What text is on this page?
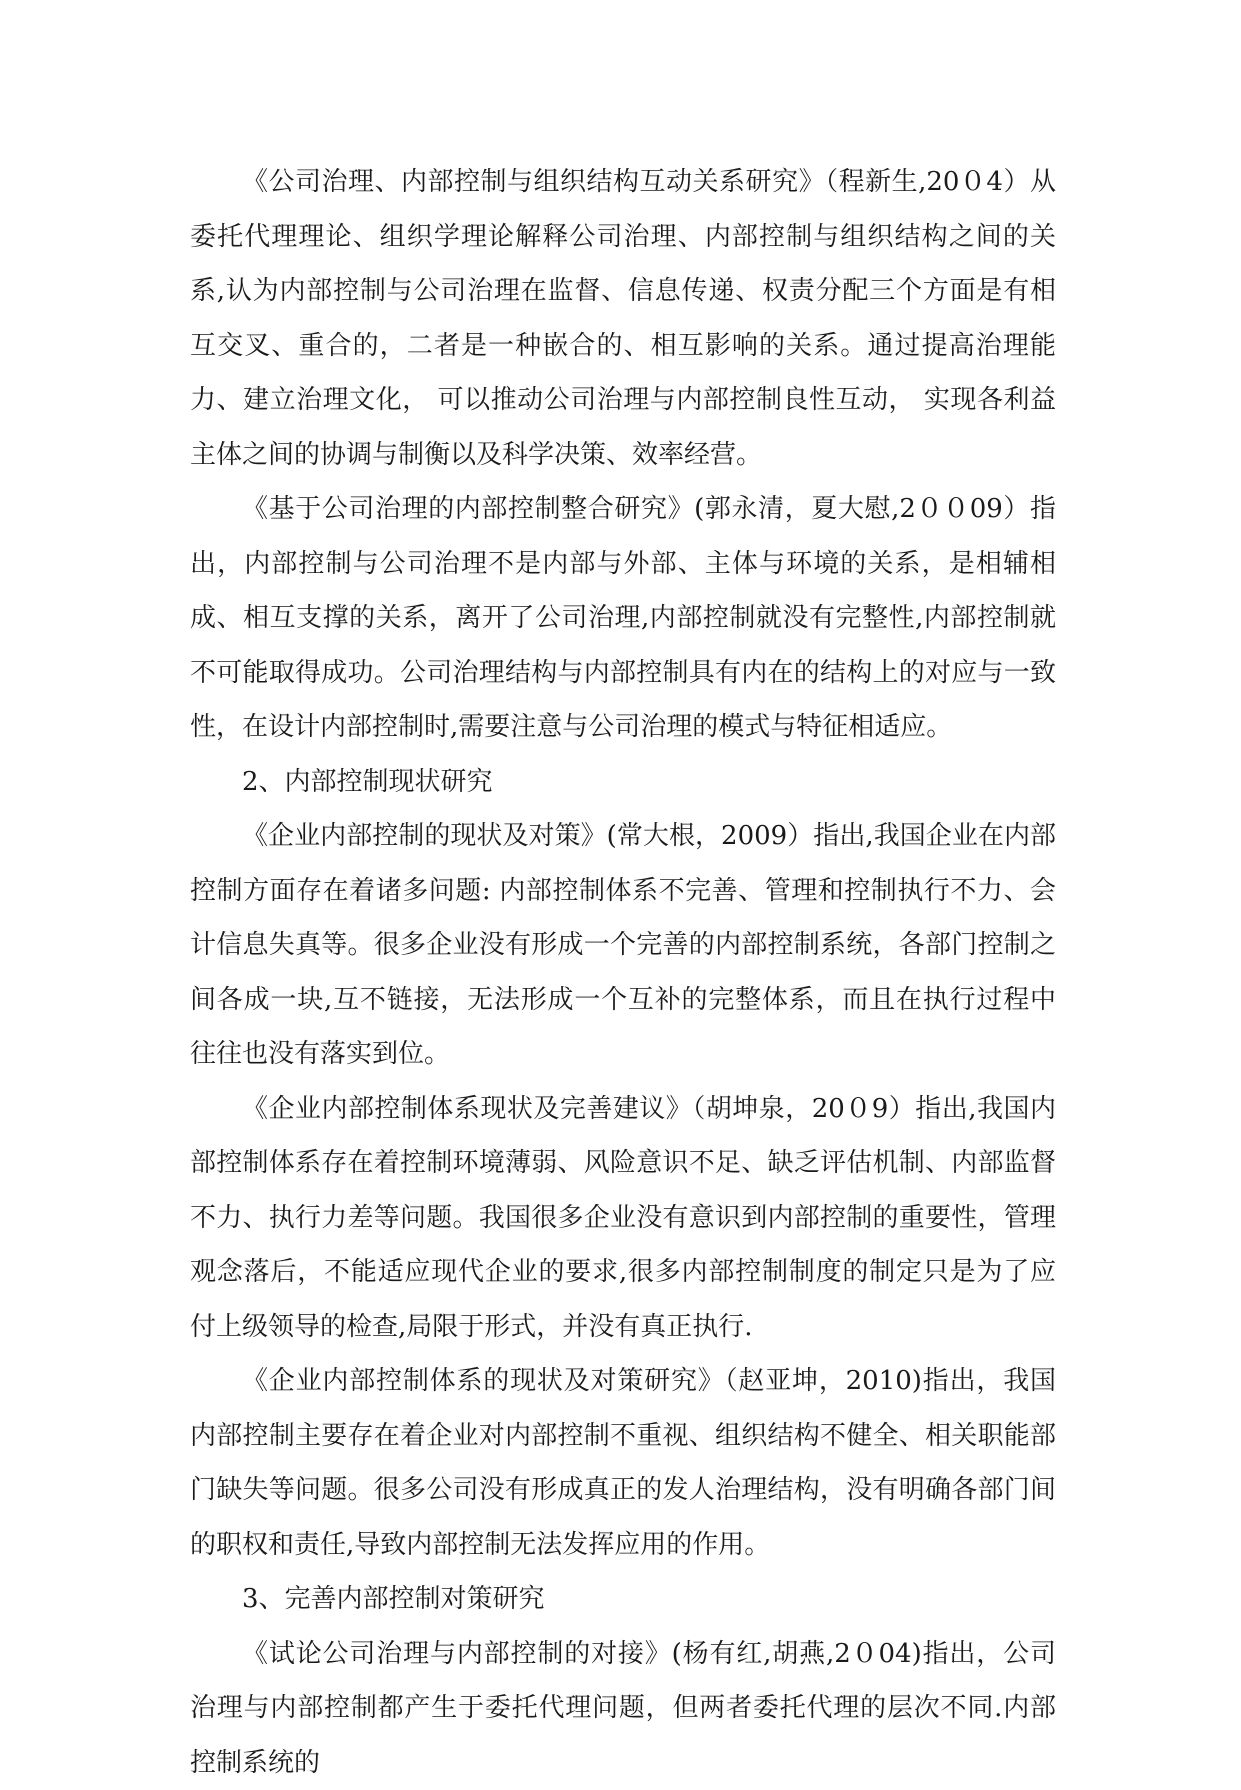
《公司治理、内部控制与组织结构互动关系研究》（程新生,20０4）从委托代理理论、组织学理论解释公司治理、内部控制与组织结构之间的关系,认为内部控制与公司治理在监督、信息传递、权责分配三个方面是有相互交叉、重合的，二者是一种嵌合的、相互影响的关系。通过提高治理能力、建立治理文化， 可以推动公司治理与内部控制良性互动， 实现各利益主体之间的协调与制衡以及科学决策、效率经营。

《基于公司治理的内部控制整合研究》(郭永清，夏大慰,2００09）指出，内部控制与公司治理不是内部与外部、主体与环境的关系，是相辅相成、相互支撑的关系，离开了公司治理,内部控制就没有完整性,内部控制就不可能取得成功。公司治理结构与内部控制具有内在的结构上的对应与一致性，在设计内部控制时,需要注意与公司治理的模式与特征相适应。

2、内部控制现状研究

《企业内部控制的现状及对策》(常大根，2009）指出,我国企业在内部控制方面存在着诸多问题: 内部控制体系不完善、管理和控制执行不力、会计信息失真等。很多企业没有形成一个完善的内部控制系统，各部门控制之间各成一块,互不链接，无法形成一个互补的完整体系，而且在执行过程中往往也没有落实到位。

《企业内部控制体系现状及完善建议》（胡坤泉，20０9）指出,我国内部控制体系存在着控制环境薄弱、风险意识不足、缺乏评估机制、内部监督不力、执行力差等问题。我国很多企业没有意识到内部控制的重要性，管理观念落后，不能适应现代企业的要求,很多内部控制制度的制定只是为了应付上级领导的检查,局限于形式，并没有真正执行.

《企业内部控制体系的现状及对策研究》（赵亚坤，2010)指出，我国内部控制主要存在着企业对内部控制不重视、组织结构不健全、相关职能部门缺失等问题。很多公司没有形成真正的发人治理结构，没有明确各部门间的职权和责任,导致内部控制无法发挥应用的作用。

3、完善内部控制对策研究

《试论公司治理与内部控制的对接》(杨有红,胡燕,2０04)指出，公司治理与内部控制都产生于委托代理问题，但两者委托代理的层次不同.内部控制系统的
